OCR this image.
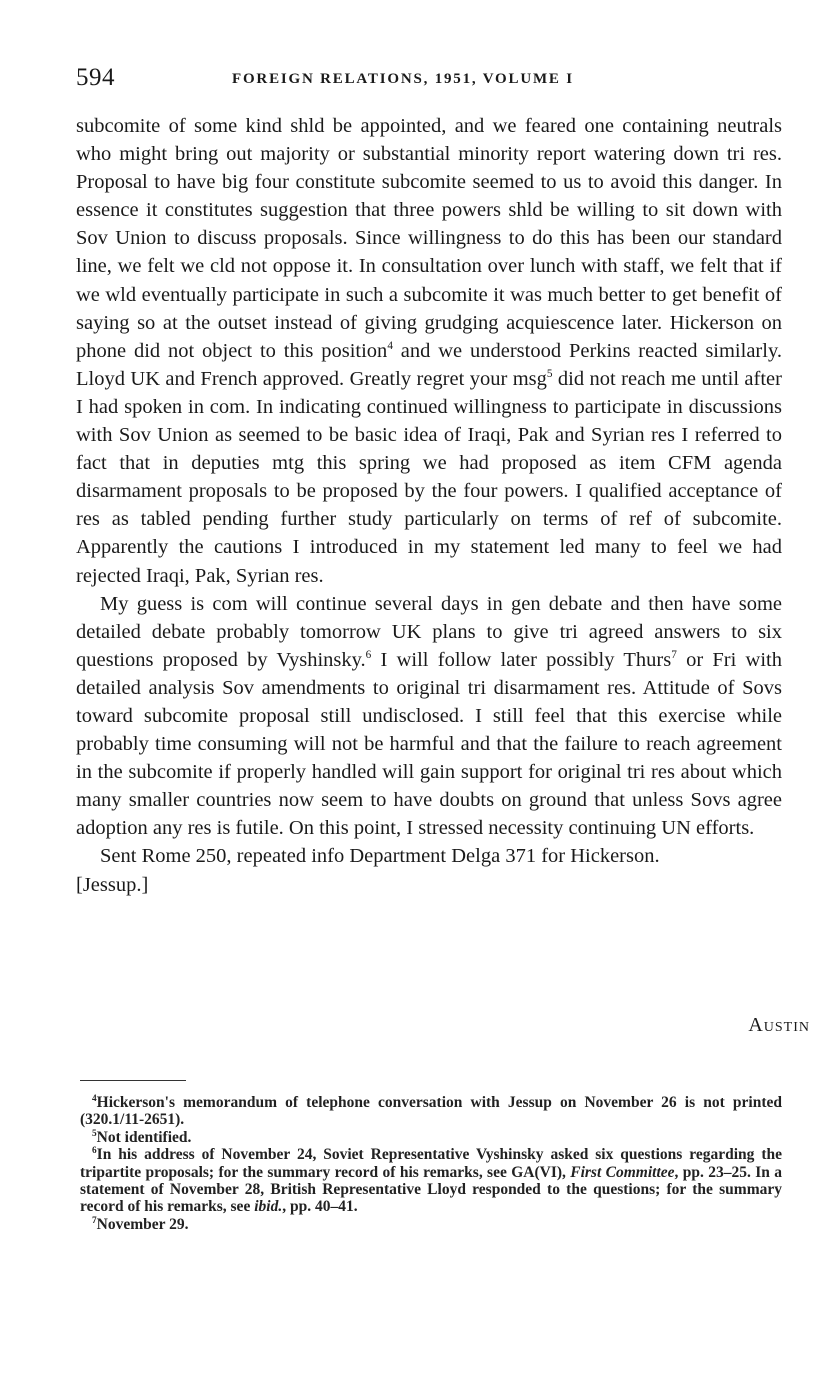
594	FOREIGN RELATIONS, 1951, VOLUME I

subcomite of some kind shld be appointed, and we feared one containing neutrals who might bring out majority or substantial minority report watering down tri res. Proposal to have big four constitute subcomite seemed to us to avoid this danger. In essence it constitutes suggestion that three powers shld be willing to sit down with Sov Union to discuss proposals. Since willingness to do this has been our standard line, we felt we cld not oppose it. In consultation over lunch with staff, we felt that if we wld eventually participate in such a subcomite it was much better to get benefit of saying so at the outset instead of giving grudging acquiescence later. Hickerson on phone did not object to this position$^4$ and we understood Perkins reacted similarly. Lloyd UK and French approved. Greatly regret your msg$^5$ did not reach me until after I had spoken in com. In indicating continued willingness to participate in discussions with Sov Union as seemed to be basic idea of Iraqi, Pak and Syrian res I referred to fact that in deputies mtg this spring we had proposed as item CFM agenda disarmament proposals to be proposed by the four powers. I qualified acceptance of res as tabled pending further study particularly on terms of ref of subcomite. Apparently the cautions I introduced in my statement led many to feel we had rejected Iraqi, Pak, Syrian res.

My guess is com will continue several days in gen debate and then have some detailed debate probably tomorrow UK plans to give tri agreed answers to six questions proposed by Vyshinsky.$^6$ I will follow later possibly Thurs$^7$ or Fri with detailed analysis Sov amendments to original tri disarmament res. Attitude of Sovs toward subcomite proposal still undisclosed. I still feel that this exercise while probably time consuming will not be harmful and that the failure to reach agreement in the subcomite if properly handled will gain support for original tri res about which many smaller countries now seem to have doubts on ground that unless Sovs agree adoption any res is futile. On this point, I stressed necessity continuing UN efforts.

Sent Rome 250, repeated info Department Delga 371 for Hickerson.

[Jessup.]

Austin

$^4$Hickerson's memorandum of telephone conversation with Jessup on November 26 is not printed (320.1/11-2651).

$^5$Not identified.

$^6$In his address of November 24, Soviet Representative Vyshinsky asked six questions regarding the tripartite proposals; for the summary record of his remarks, see GA(VI), First Committee, pp. 23–25. In a statement of November 28, British Representative Lloyd responded to the questions; for the summary record of his remarks, see ibid., pp. 40–41.

$^7$November 29.
